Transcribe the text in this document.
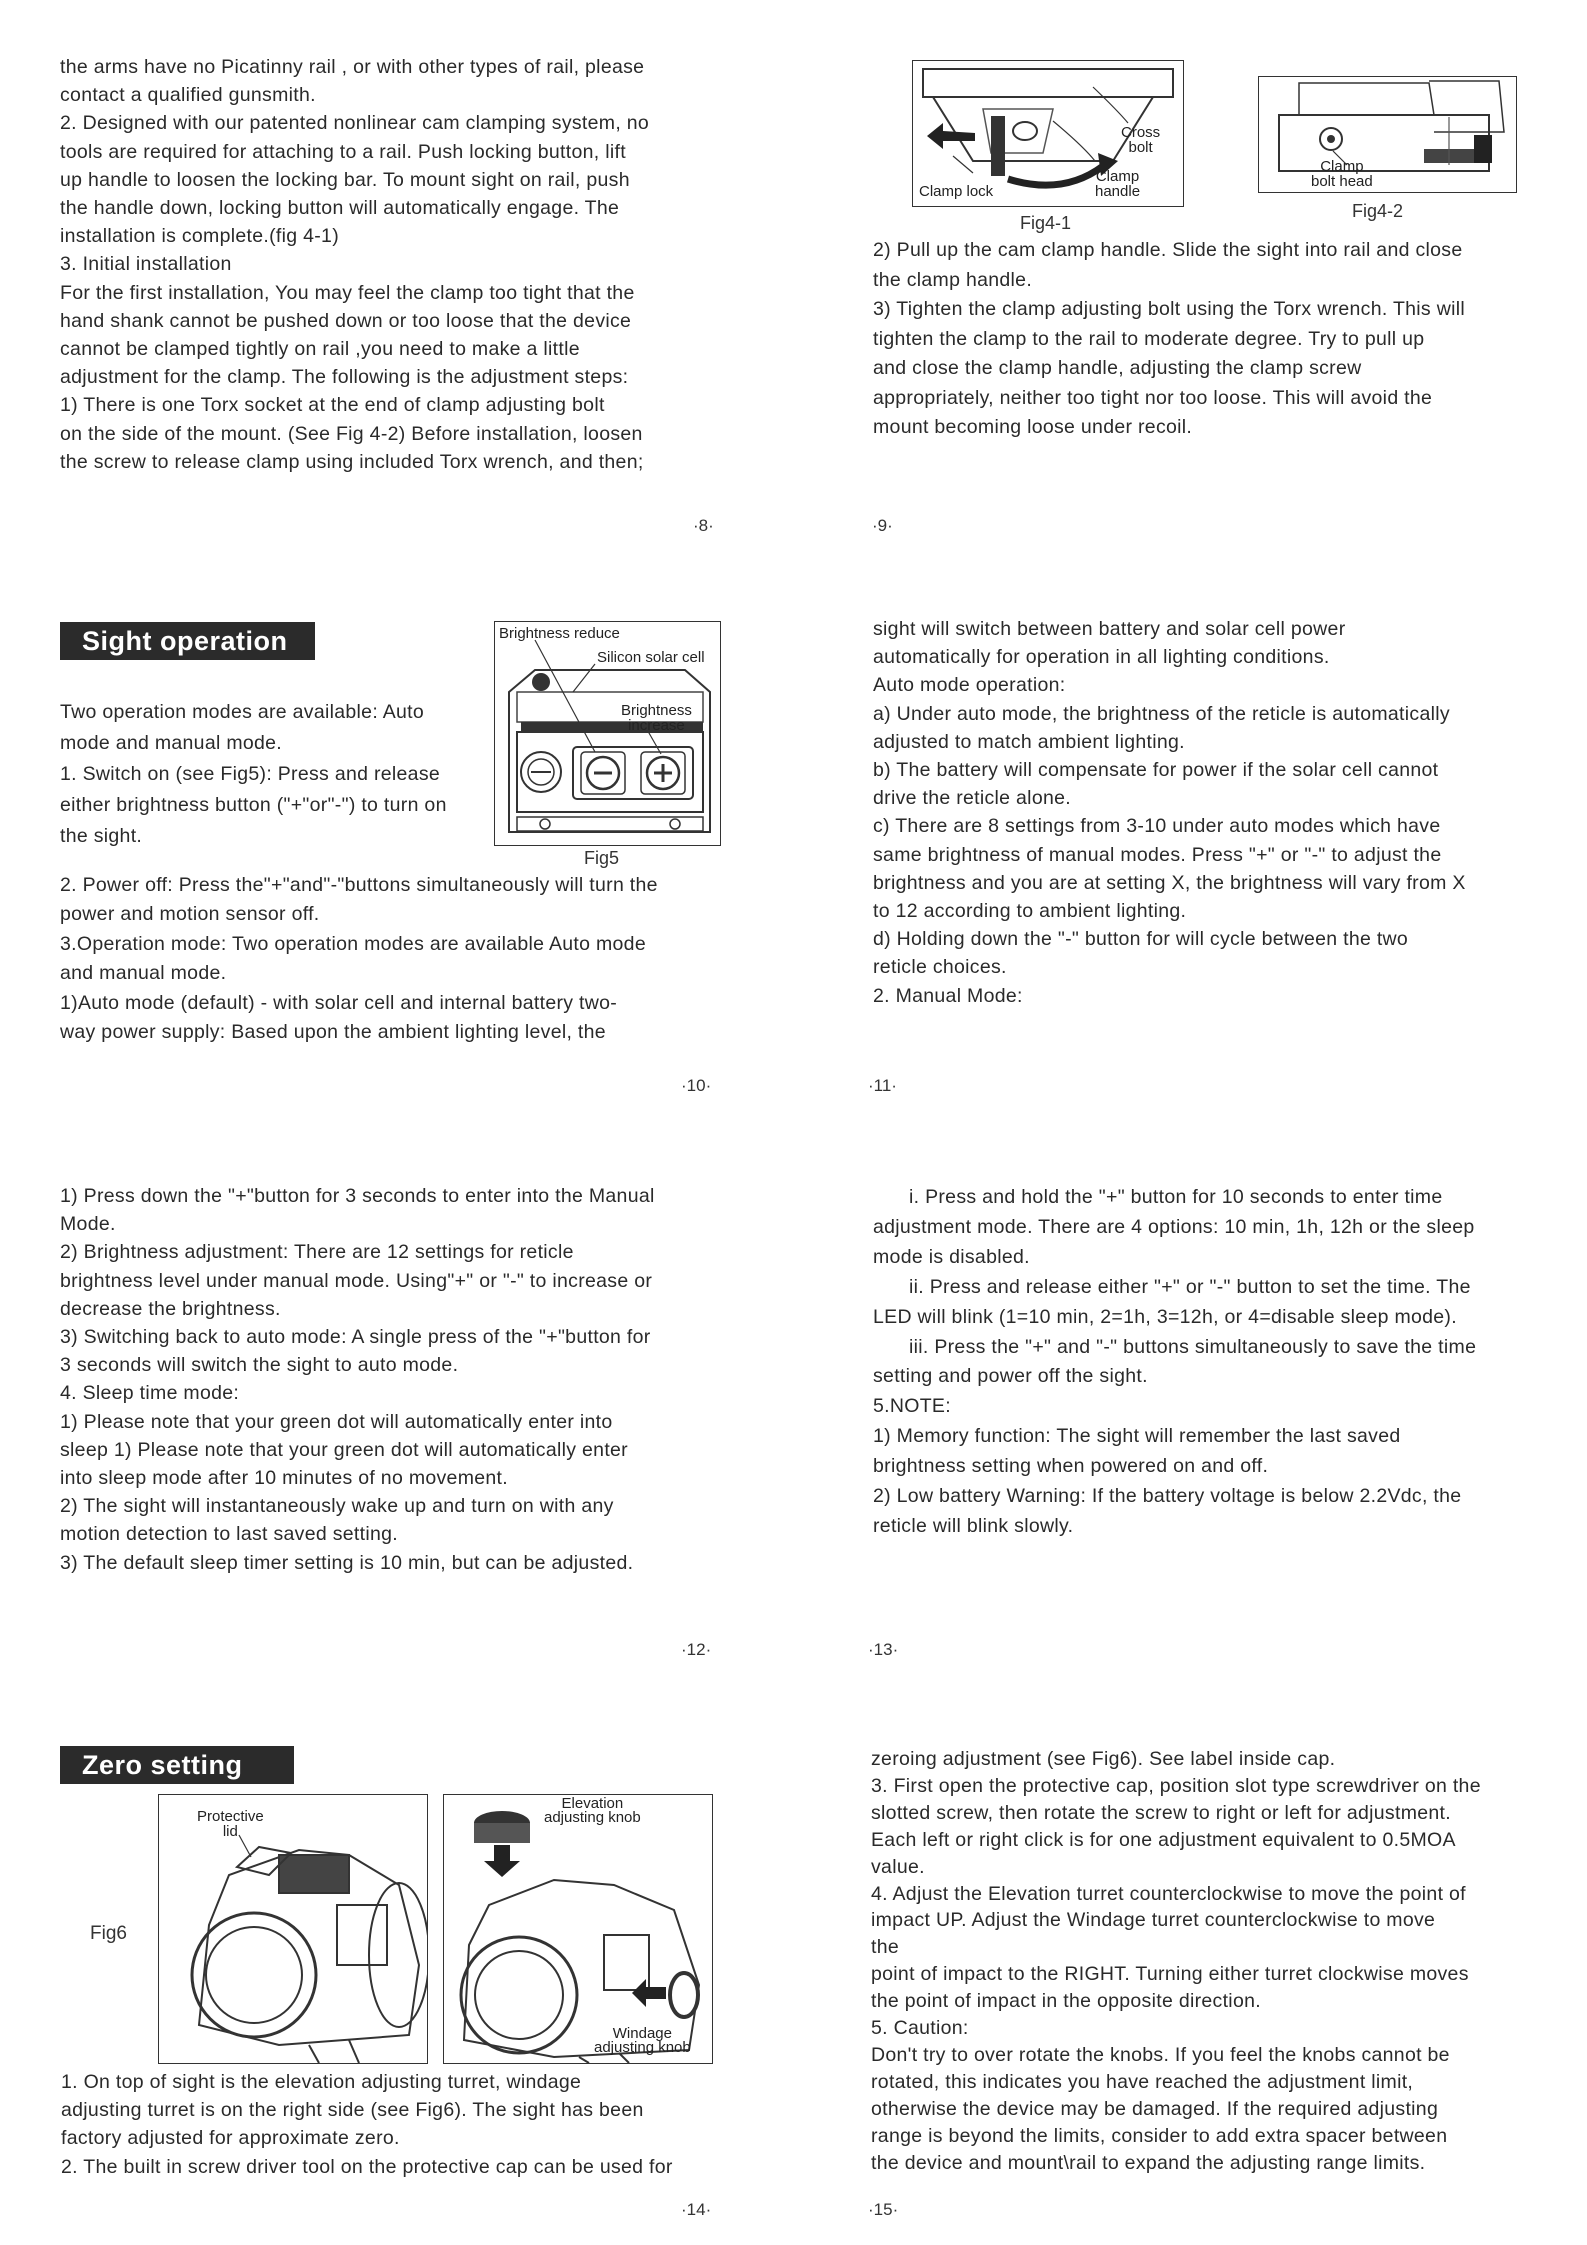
the arms have no Picatinny rail , or with other types of rail, please

contact a qualified gunsmith.

2. Designed with our patented nonlinear cam clamping system, no

tools are required for attaching to a rail. Push locking button, lift

up handle to loosen the locking bar. To mount sight on rail, push

the handle down, locking button will automatically engage. The

installation is complete.(fig 4-1)

3. Initial installation

For the first installation, You may feel the clamp too tight that the

hand shank cannot be pushed down or too loose that the device

cannot be clamped tightly on rail ,you need to make a little

adjustment for the clamp. The following is the adjustment steps:

1) There is one Torx socket at the end of clamp adjusting bolt

on the side of the mount. (See Fig 4-2) Before installation, loosen

the screw to release clamp using included Torx wrench, and then;

·8·
Cross
bolt
Clamp lock
Clamp
handle
Fig4-1
Clamp
bolt head
Fig4-2

2) Pull up the cam clamp handle. Slide the sight into rail and close

the clamp handle.

3) Tighten the clamp adjusting bolt using the Torx wrench. This will

tighten the clamp to the rail to moderate degree. Try to pull up

and close the clamp handle, adjusting the clamp screw

appropriately, neither too tight nor too loose. This will avoid the

mount becoming loose under recoil.

·9·
Sight operation	Brightness reduce
Silicon solar cell
Brightness
increase
Fig5

Two operation modes are available: Auto

mode and manual mode.

1. Switch on (see Fig5): Press and release

either brightness button ("+"or"-") to turn on

the sight.

2. Power off: Press the"+"and"-"buttons simultaneously will turn the

power and motion sensor off.

3.Operation mode: Two operation modes are available Auto mode

and manual mode.

1)Auto mode (default) - with solar cell and internal battery two-

way power supply: Based upon the ambient lighting level, the

·10·

sight will switch between battery and solar cell power

automatically for operation in all lighting conditions.

Auto mode operation:

a) Under auto mode, the brightness of the reticle is automatically

adjusted to match ambient lighting.

b) The battery will compensate for power if the solar cell cannot

drive the reticle alone.

c) There are 8 settings from 3-10 under auto modes which have

same brightness of manual modes. Press "+" or "-" to adjust the

brightness and you are at setting X, the brightness will vary from X

to 12 according to ambient lighting.

d) Holding down the "-" button for will cycle between the two

reticle choices.

2. Manual Mode:

·11·

1) Press down the "+"button for 3 seconds to enter into the Manual

Mode.

2) Brightness adjustment: There are 12 settings for reticle

brightness level under manual mode. Using"+" or "-" to increase or

decrease the brightness.

3) Switching back to auto mode: A single press of the "+"button for

3 seconds will switch the sight to auto mode.

4. Sleep time mode:

1) Please note that your green dot will automatically enter into

sleep 1) Please note that your green dot will automatically enter

into sleep mode after 10 minutes of no movement.

2) The sight will instantaneously wake up and turn on with any

motion detection to last saved setting.

3) The default sleep timer setting is 10 min, but can be adjusted.

·12·

i. Press and hold the "+" button for 10 seconds to enter time

adjustment mode. There are 4 options: 10 min, 1h, 12h or the sleep

mode is disabled.

ii. Press and release either "+" or "-" button to set the time. The

LED will blink (1=10 min, 2=1h, 3=12h, or 4=disable sleep mode).

iii. Press the "+" and "-" buttons simultaneously to save the time

setting and power off the sight.

5.NOTE:

1) Memory function: The sight will remember the last saved

brightness setting when powered on and off.

2) Low battery Warning: If the battery voltage is below 2.2Vdc, the

reticle will blink slowly.

·13·
Zero setting
Fig6
Protective
lid
Elevation
adjusting knob
Windage
adjusting knob

1. On top of sight is the elevation adjusting turret, windage

adjusting turret is on the right side (see Fig6). The sight has been

factory adjusted for approximate zero.

2. The built in screw driver tool on the protective cap can be used for

·14·

zeroing adjustment (see Fig6). See label inside cap.

3. First open the protective cap, position slot type screwdriver on the

slotted screw, then rotate the screw to right or left for adjustment.

Each left or right click is for one adjustment equivalent to 0.5MOA

value.

4. Adjust the Elevation turret counterclockwise to move the point of

impact UP. Adjust the Windage turret counterclockwise to move

the

point of impact to the RIGHT. Turning either turret clockwise moves

the point of impact in the opposite direction.

5. Caution:

Don't try to over rotate the knobs. If you feel the knobs cannot be

rotated, this indicates you have reached the adjustment limit,

otherwise the device may be damaged. If the required adjusting

range is beyond the limits, consider to add extra spacer between

the device and mount\rail to expand the adjusting range limits.

·15·
